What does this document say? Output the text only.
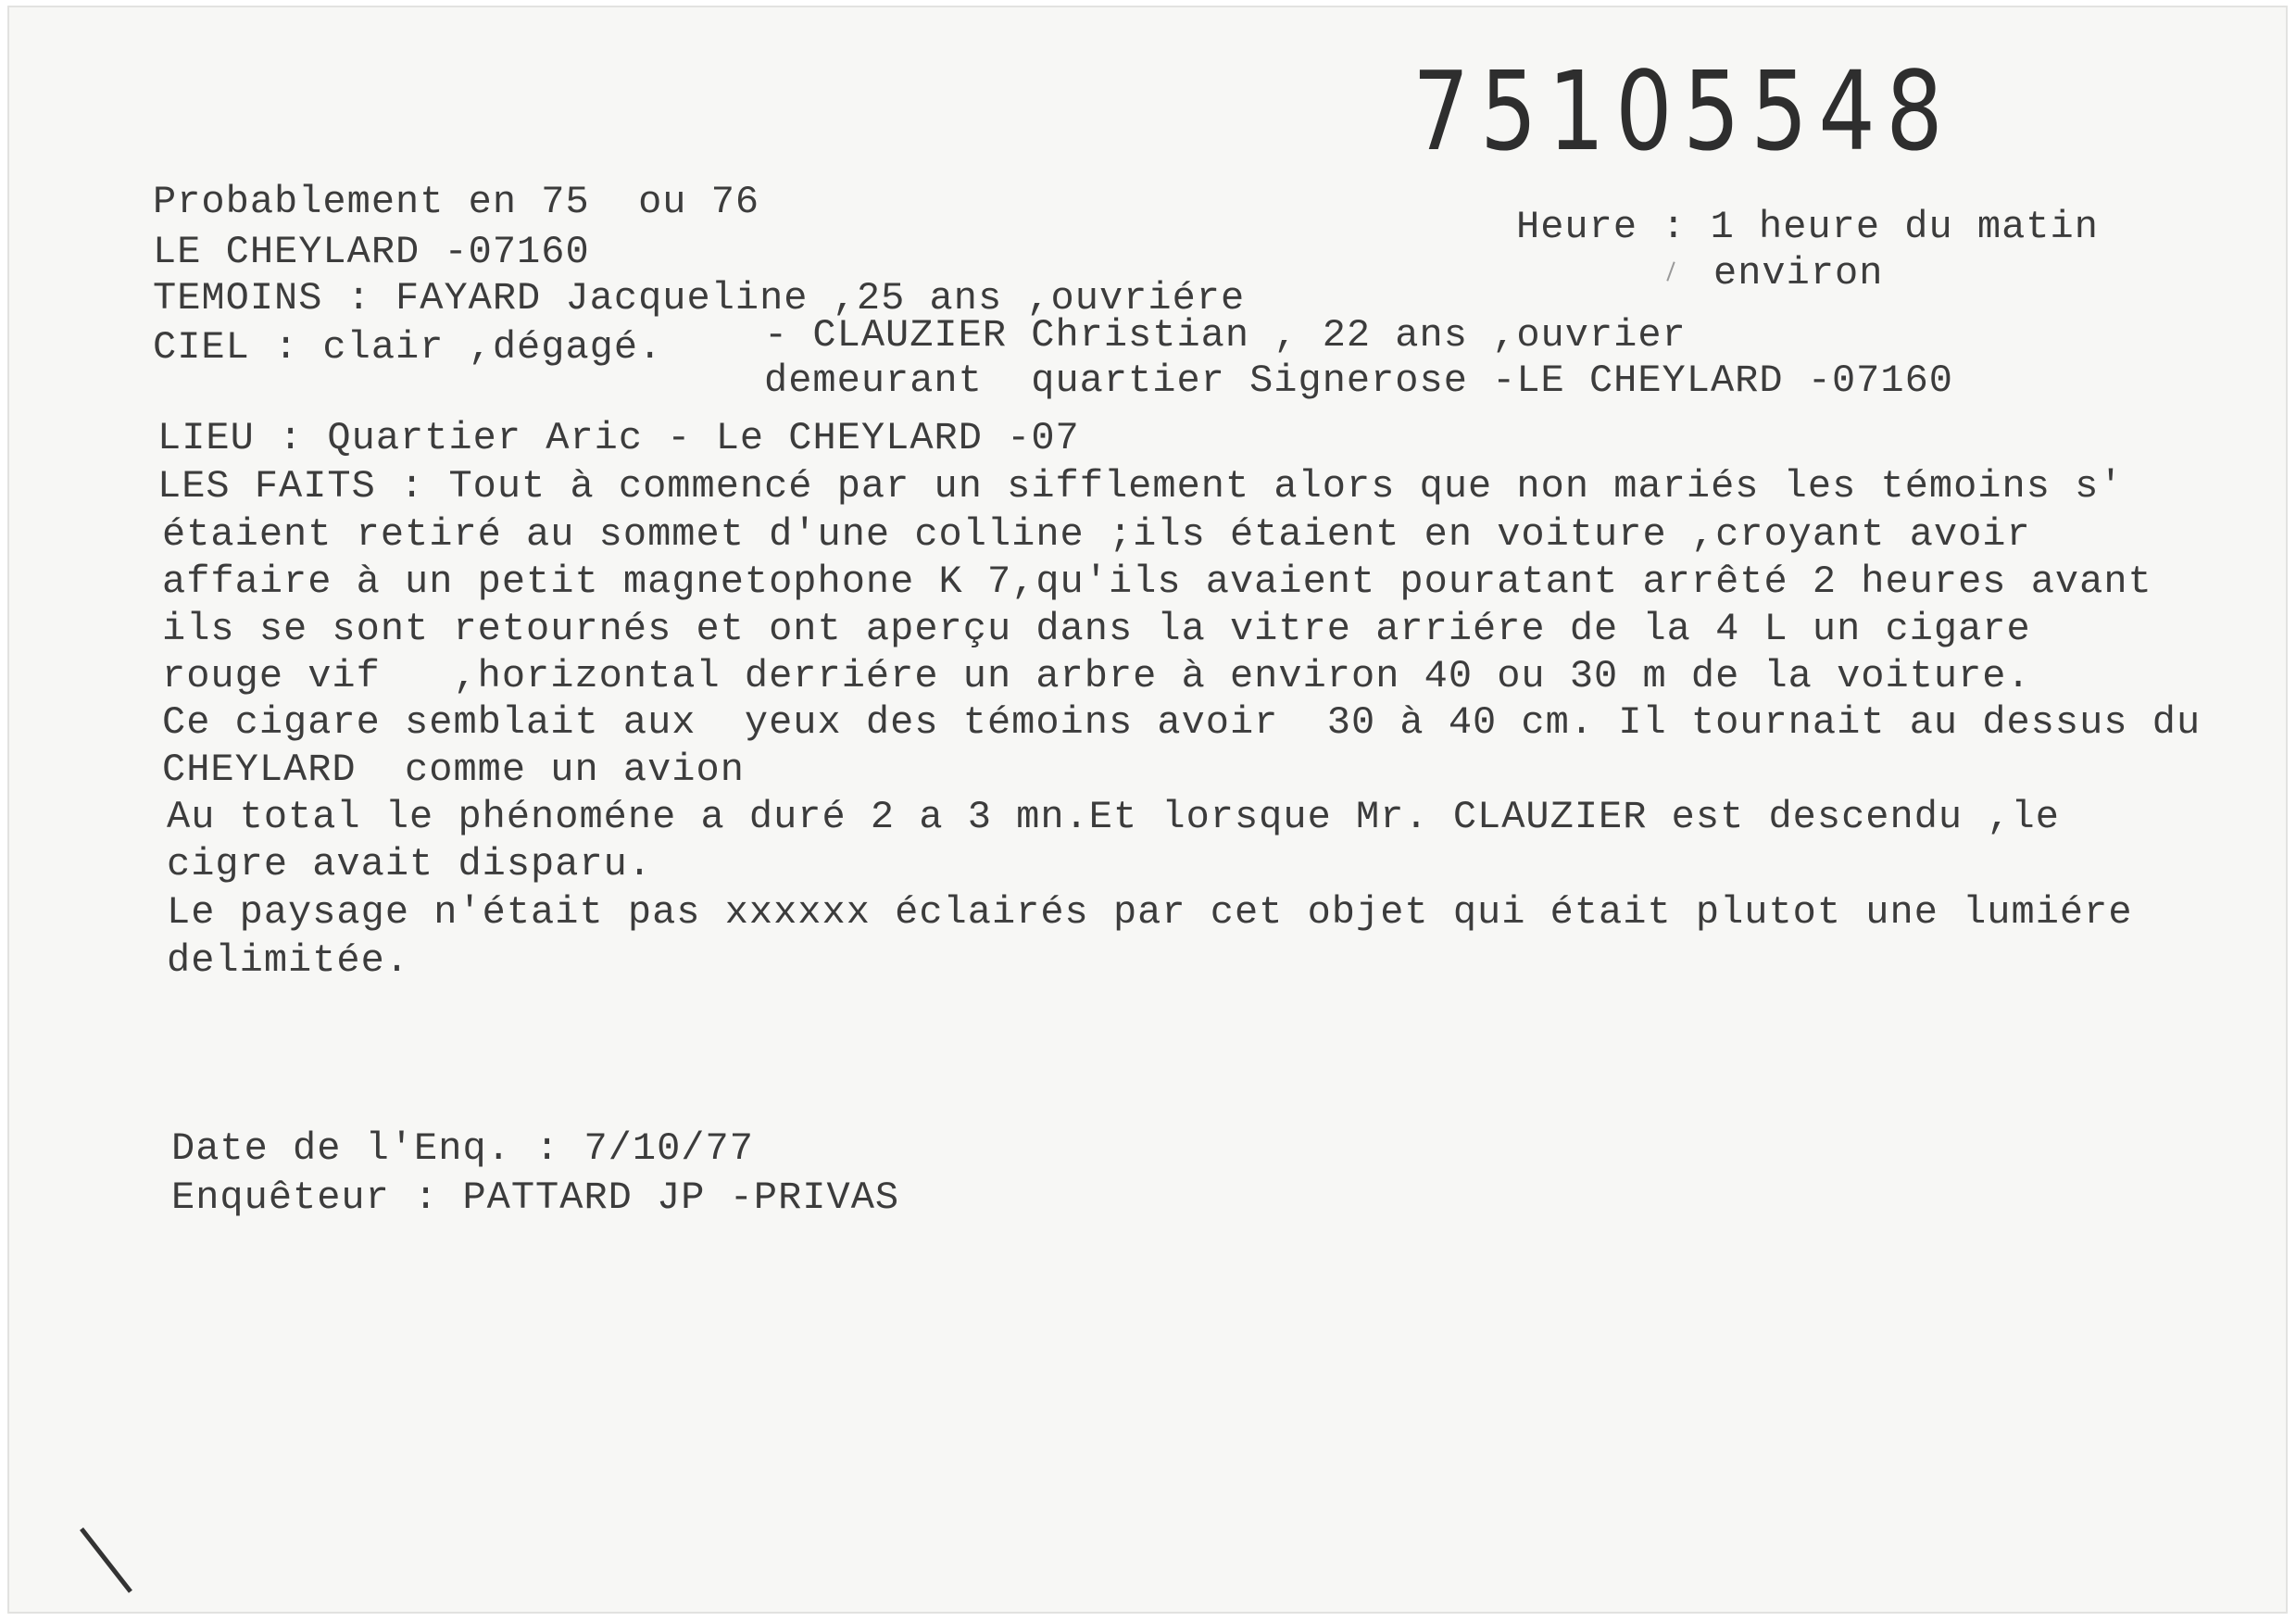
75105548
Probablement en 75  ou 76
LE CHEYLARD -07160
TEMOINS : FAYARD Jacqueline ,25 ans ,ouvriére
CIEL : clair ,dégagé.	- CLAUZIER Christian , 22 ans ,ouvrier
demeurant  quartier Signerose -LE CHEYLARD -07160
Heure : 1 heure du matin
environ
LIEU : Quartier Aric - Le CHEYLARD -07
LES FAITS : Tout à commencé par un sifflement alors que non mariés les témoins s'
étaient retiré au sommet d'une colline ;ils étaient en voiture ,croyant avoir
affaire à un petit magnetophone K 7,qu'ils avaient pouratant arrêté 2 heures avant
ils se sont retournés et ont aperçu dans la vitre arriére de la 4 L un cigare
rouge vif   ,horizontal derriére un arbre à environ 40 ou 30 m de la voiture.
Ce cigare semblait aux  yeux des témoins avoir  30 à 40 cm. Il tournait au dessus du
CHEYLARD  comme un avion
Au total le phénoméne a duré 2 a 3 mn.Et lorsque Mr. CLAUZIER est descendu ,le
cigre avait disparu.
Le paysage n'était pas xxxxxx éclairés par cet objet qui était plutot une lumiére
delimitée.
Date de l'Enq. : 7/10/77
Enquêteur : PATTARD JP -PRIVAS
